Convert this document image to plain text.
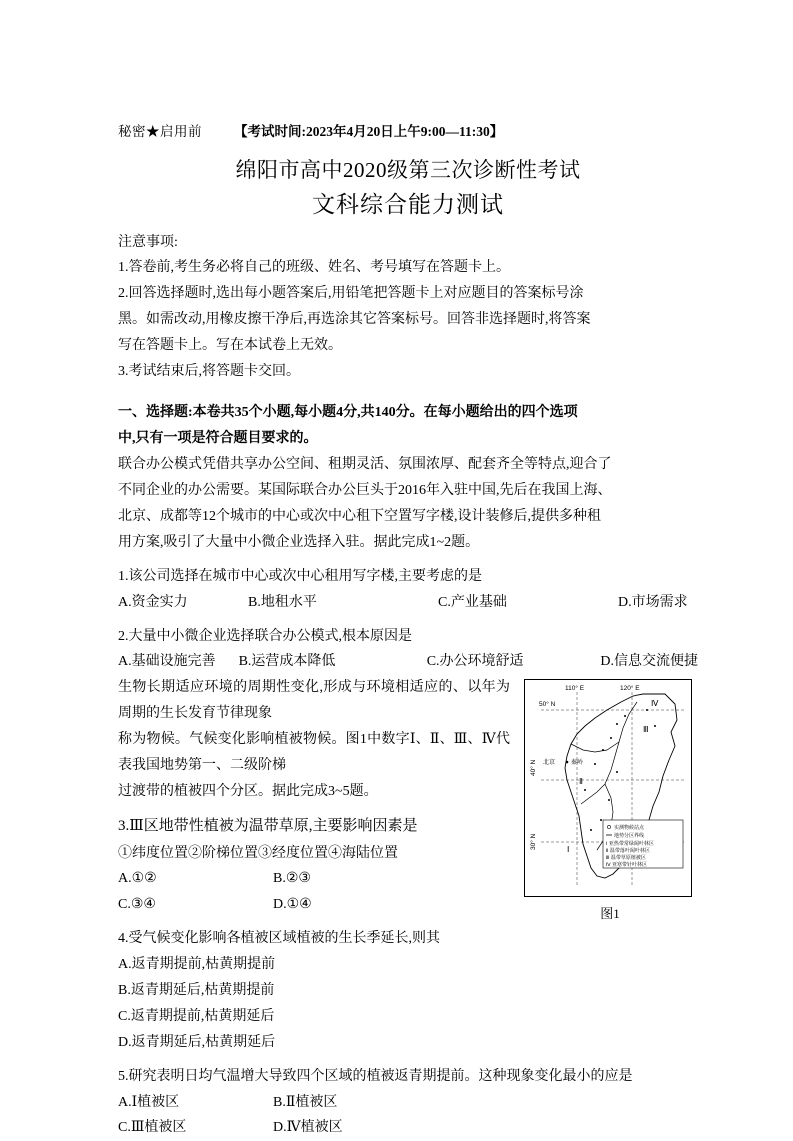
秘密★启用前 【考试时间:2023年4月20日上午9:00—11:30】
绵阳市高中2020级第三次诊断性考试
文科综合能力测试
注意事项:
1.答卷前,考生务必将自己的班级、姓名、考号填写在答题卡上。
2.回答选择题时,选出每小题答案后,用铅笔把答题卡上对应题目的答案标号涂
黑。如需改动,用橡皮擦干净后,再选涂其它答案标号。回答非选择题时,将答案
写在答题卡上。写在本试卷上无效。
3.考试结束后,将答题卡交回。
一、选择题:本卷共35个小题,每小题4分,共140分。在每小题给出的四个选项
中,只有一项是符合题目要求的。
联合办公模式凭借共享办公空间、租期灵活、氛围浓厚、配套齐全等特点,迎合了
不同企业的办公需要。某国际联合办公巨头于2016年入驻中国,先后在我国上海、
北京、成都等12个城市的中心或次中心租下空置写字楼,设计装修后,提供多种租
用方案,吸引了大量中小微企业选择入驻。据此完成1~2题。
1.该公司选择在城市中心或次中心租用写字楼,主要考虑的是
A.资金实力	B.地租水平	C.产业基础	D.市场需求
2.大量中小微企业选择联合办公模式,根本原因是
A.基础设施完善	B.运营成本降低	C.办公环境舒适	D.信息交流便捷
110° E	120° E
50° N
40° N
30° N
Ⅳ
Ⅲ
Ⅱ
Ⅰ
北京	秦岭
实测物候站点
地势分区界线
Ⅰ 亚热带常绿阔叶林区
Ⅱ 温带落叶阔叶林区
Ⅲ 温带草原植被区
Ⅳ 亚寒带针叶林区
图1
生物长期适应环境的周期性变化,形成与环境相适应的、以年为周期的生长发育节律现象
称为物候。气候变化影响植被物候。图1中数字Ⅰ、Ⅱ、Ⅲ、Ⅳ代表我国地势第一、二级阶梯
过渡带的植被四个分区。据此完成3~5题。
3.Ⅲ区地带性植被为温带草原,主要影响因素是
①纬度位置②阶梯位置③经度位置④海陆位置
A.①②	B.②③
C.③④	D.①④
4.受气候变化影响各植被区域植被的生长季延长,则其
A.返青期提前,枯黄期提前
B.返青期延后,枯黄期提前
C.返青期提前,枯黄期延后
D.返青期延后,枯黄期延后
5.研究表明日均气温增大导致四个区域的植被返青期提前。这种现象变化最小的应是
A.Ⅰ植被区	B.Ⅱ植被区
C.Ⅲ植被区	D.Ⅳ植被区
